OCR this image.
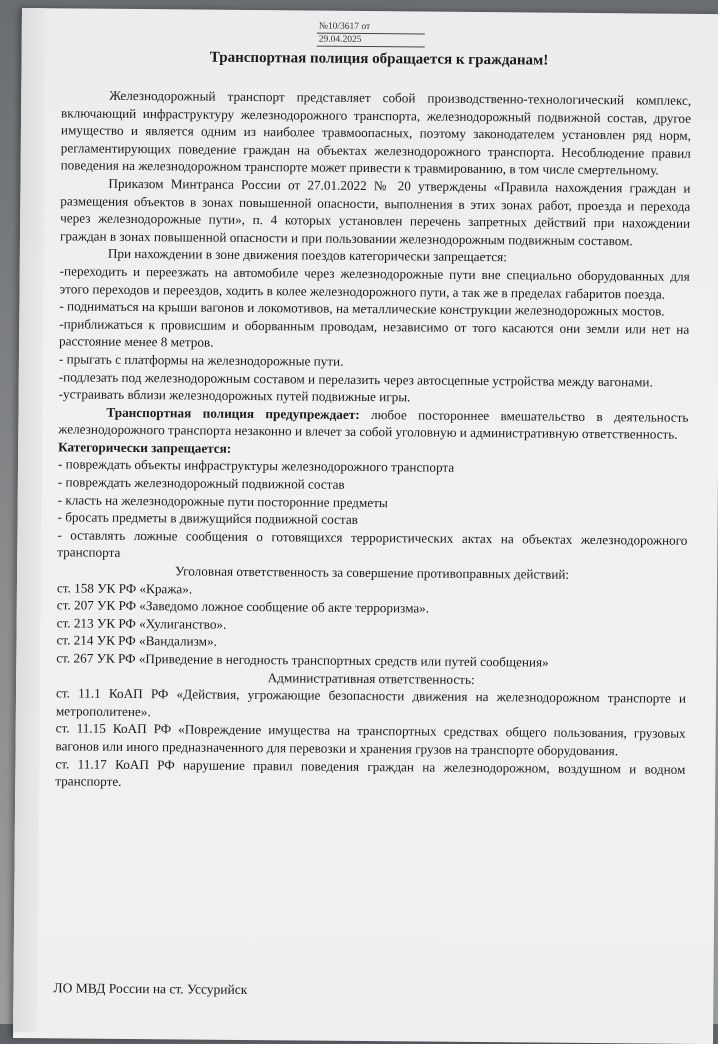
№10/3617 от
29.04.2025
Транспортная полиция обращается к гражданам!

Железнодорожный транспорт представляет собой производственно-технологический комплекс, включающий инфраструктуру железнодорожного транспорта, железнодорожный подвижной состав, другое имущество и является одним из наиболее травмоопасных, поэтому законодателем установлен ряд норм, регламентирующих поведение граждан на объектах железнодорожного транспорта. Несоблюдение правил поведения на железнодорожном транспорте может привести к травмированию, в том числе смертельному.

Приказом Минтранса России от 27.01.2022 № 20 утверждены «Правила нахождения граждан и размещения объектов в зонах повышенной опасности, выполнения в этих зонах работ, проезда и перехода через железнодорожные пути», п. 4 которых установлен перечень запретных действий при нахождении граждан в зонах повышенной опасности и при пользовании железнодорожным подвижным составом.

При нахождении в зоне движения поездов категорически запрещается:

-переходить и переезжать на автомобиле через железнодорожные пути вне специально оборудованных для этого переходов и переездов, ходить в колее железнодорожного пути, а так же в пределах габаритов поезда.

- подниматься на крыши вагонов и локомотивов, на металлические конструкции железнодорожных мостов.

-приближаться к провисшим и оборванным проводам, независимо от того касаются они земли или нет на расстояние менее 8 метров.

- прыгать с платформы на железнодорожные пути.

-подлезать под железнодорожным составом и перелазить через автосцепные устройства между вагонами.

-устраивать вблизи железнодорожных путей подвижные игры.

Транспортная полиция предупреждает: любое постороннее вмешательство в деятельность железнодорожного транспорта незаконно и влечет за собой уголовную и административную ответственность.

Категорически запрещается:

- повреждать объекты инфраструктуры железнодорожного транспорта

- повреждать железнодорожный подвижной состав

- класть на железнодорожные пути посторонние предметы

- бросать предметы в движущийся подвижной состав

- оставлять ложные сообщения о готовящихся террористических актах на объектах железнодорожного транспорта

Уголовная ответственность за совершение противоправных действий:

ст. 158 УК РФ «Кража».

ст. 207 УК РФ «Заведомо ложное сообщение об акте терроризма».

ст. 213 УК РФ «Хулиганство».

ст. 214 УК РФ «Вандализм».

ст. 267 УК РФ «Приведение в негодность транспортных средств или путей сообщения»

Административная ответственность:

ст. 11.1 КоАП РФ «Действия, угрожающие безопасности движения на железнодорожном транспорте и метрополитене».

ст. 11.15 КоАП РФ «Повреждение имущества на транспортных средствах общего пользования, грузовых вагонов или иного предназначенного для перевозки и хранения грузов на транспорте оборудования.

ст. 11.17 КоАП РФ нарушение правил поведения граждан на железнодорожном, воздушном и водном транспорте.

ЛО МВД России на ст. Уссурийск
